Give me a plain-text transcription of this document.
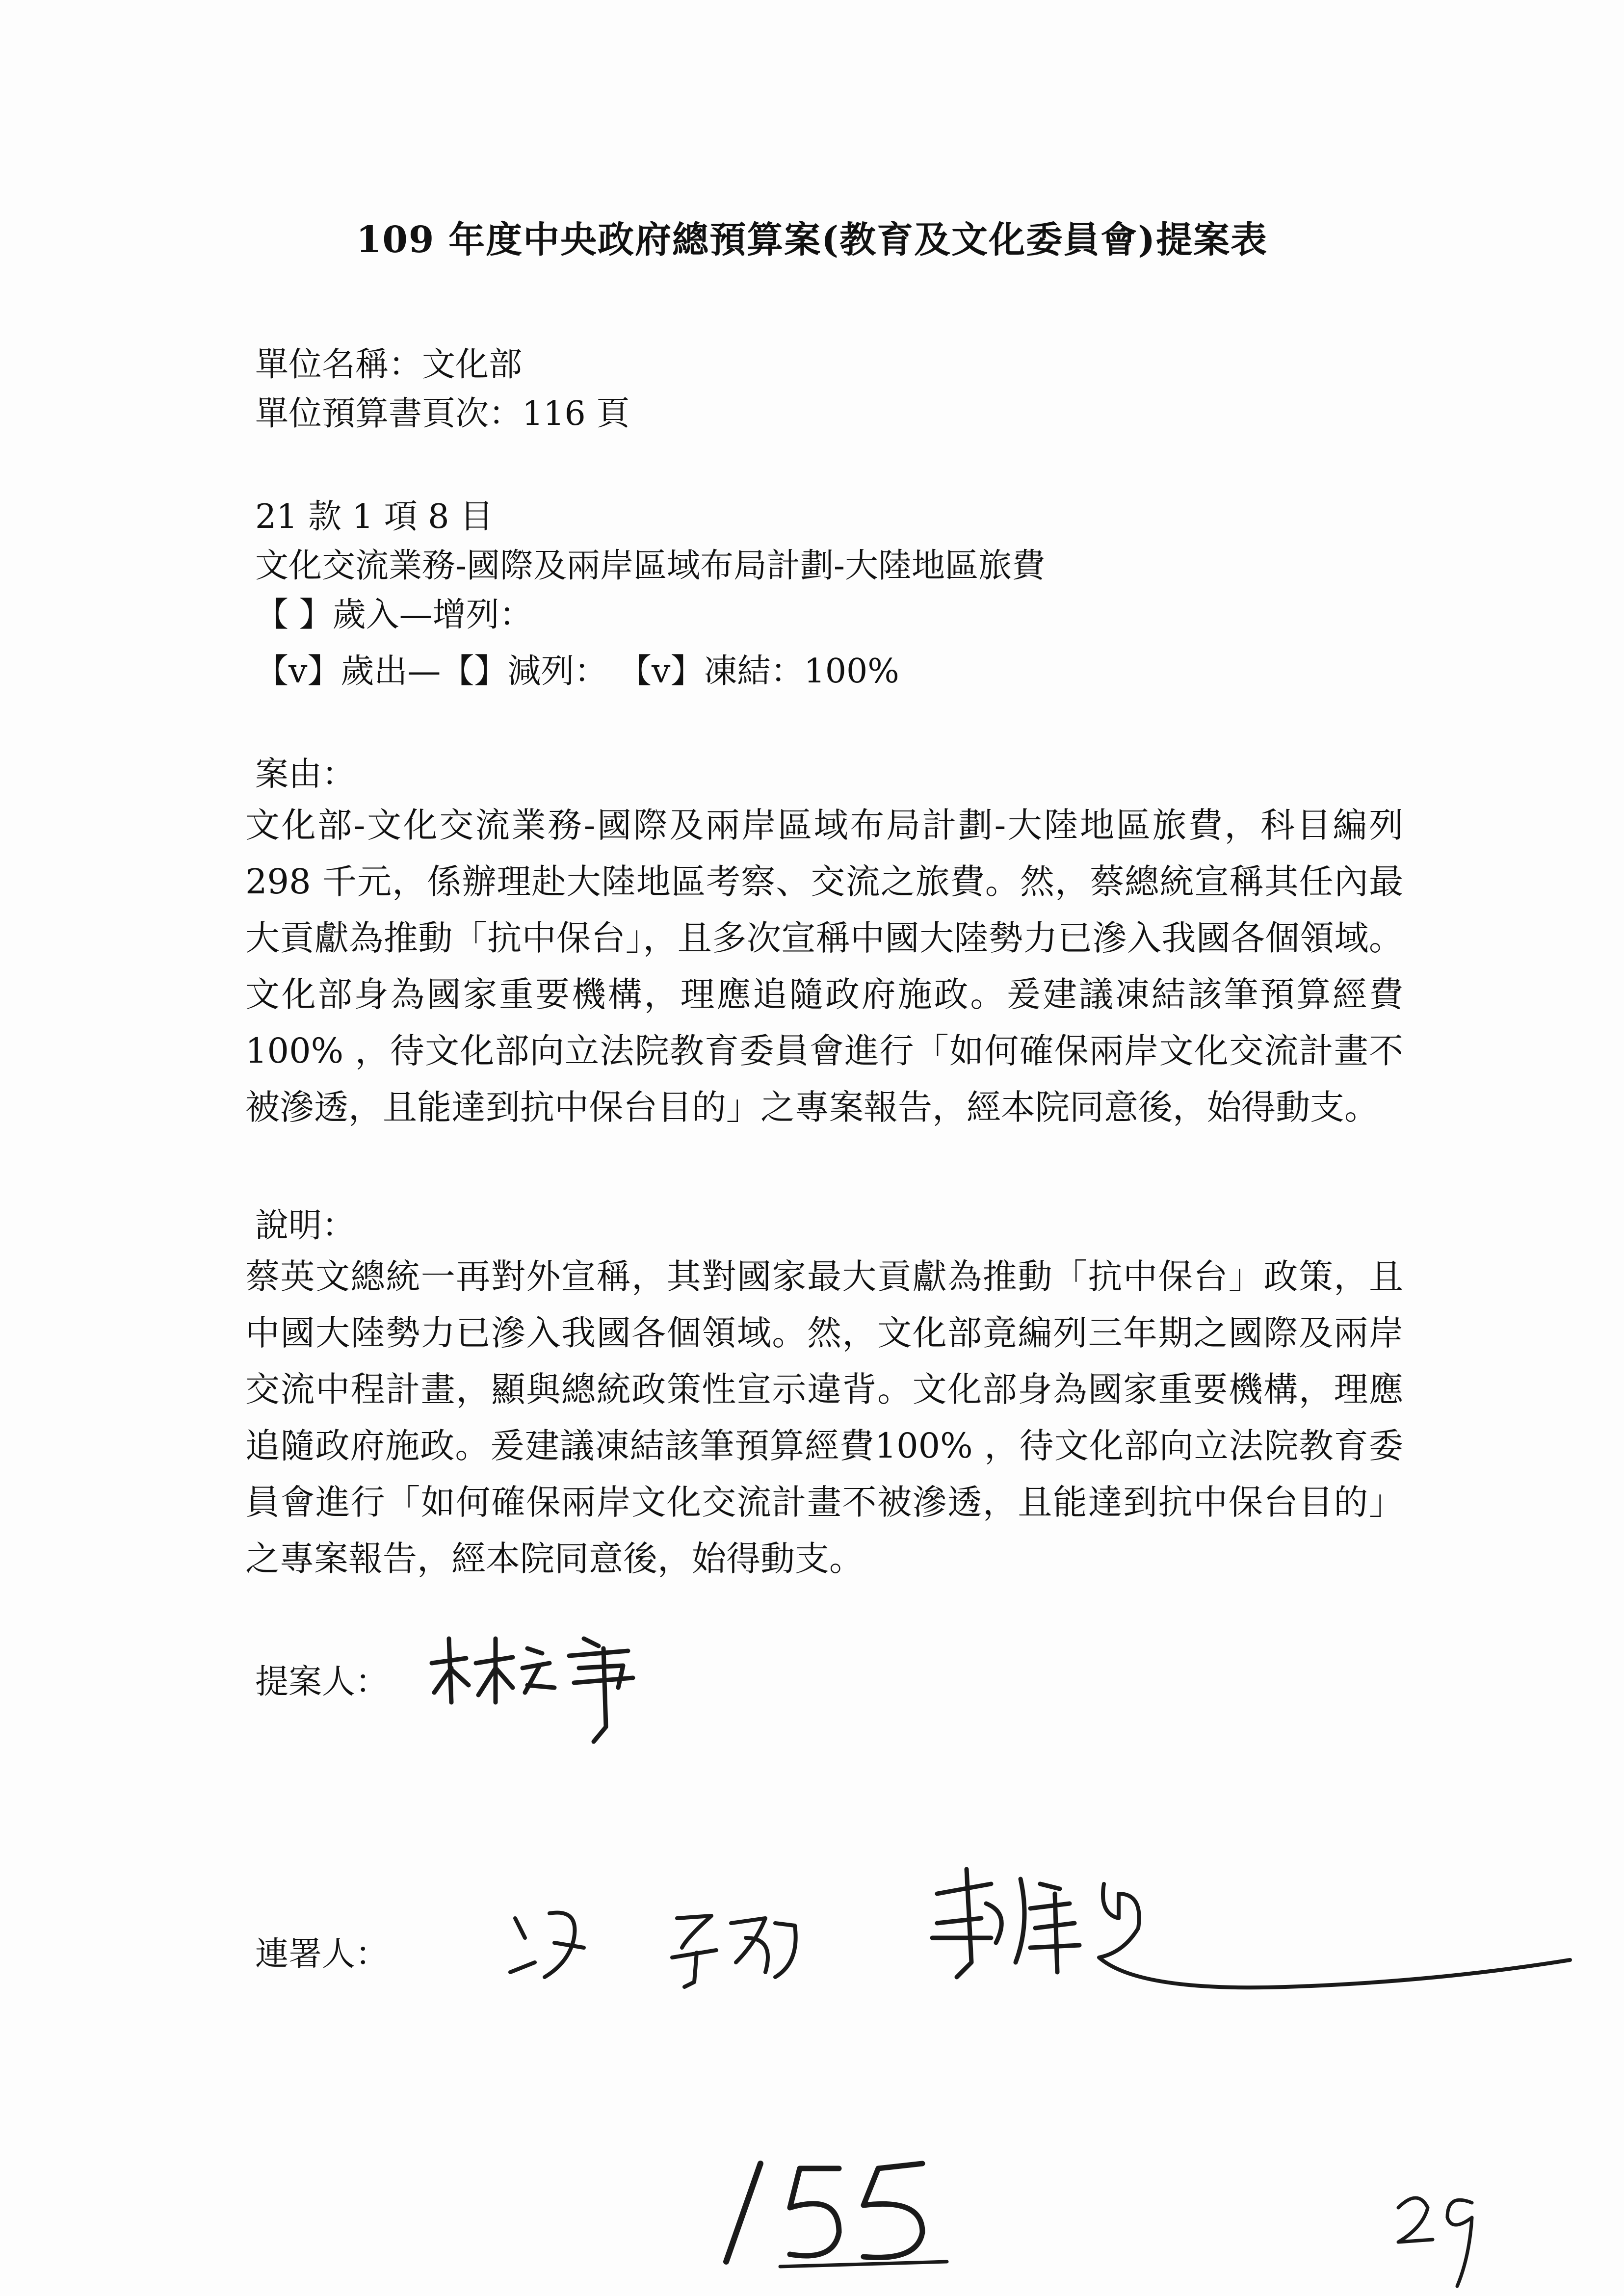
109 年度中央政府總預算案(教育及文化委員會)提案表
單位名稱：文化部
單位預算書頁次：116 頁
21 款 1 項 8 目
文化交流業務-國際及兩岸區域布局計劃-大陸地區旅費
【 】歲入—增列：
【v】歲出—【】減列： 【v】凍結：100%
案由：
文化部-文化交流業務-國際及兩岸區域布局計劃-大陸地區旅費，科目編列 298 千元，係辦理赴大陸地區考察、交流之旅費。然，蔡總統宣稱其任內最大貢獻為推動「抗中保台」，且多次宣稱中國大陸勢力已滲入我國各個領域。文化部身為國家重要機構，理應追隨政府施政。爰建議凍結該筆預算經費 100% ，待文化部向立法院教育委員會進行「如何確保兩岸文化交流計畫不被滲透，且能達到抗中保台目的」之專案報告，經本院同意後，始得動支。
說明：
蔡英文總統一再對外宣稱，其對國家最大貢獻為推動「抗中保台」政策，且中國大陸勢力已滲入我國各個領域。然，文化部竟編列三年期之國際及兩岸交流中程計畫，顯與總統政策性宣示違背。文化部身為國家重要機構，理應追隨政府施政。爰建議凍結該筆預算經費100% ，待文化部向立法院教育委員會進行「如何確保兩岸文化交流計畫不被滲透，且能達到抗中保台目的」之專案報告，經本院同意後，始得動支。
提案人：
連署人：
